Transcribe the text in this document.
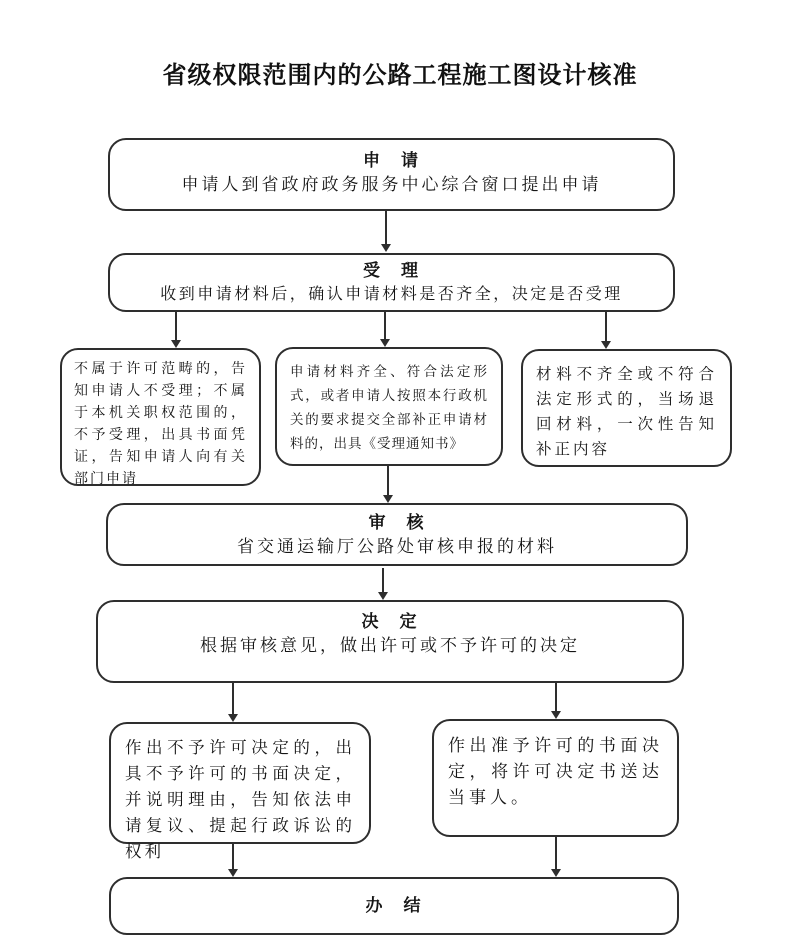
省级权限范围内的公路工程施工图设计核准
申　请
申请人到省政府政务服务中心综合窗口提出申请
受　理
收到申请材料后，确认申请材料是否齐全，决定是否受理
不属于许可范畴的，告知申请人不受理；不属于本机关职权范围的，不予受理，出具书面凭证，告知申请人向有关部门申请
申请材料齐全、符合法定形式，或者申请人按照本行政机关的要求提交全部补正申请材料的，出具《受理通知书》
材料不齐全或不符合法定形式的，当场退回材料，一次性告知补正内容
审　核
省交通运输厅公路处审核申报的材料
决　定
根据审核意见，做出许可或不予许可的决定
作出不予许可决定的，出具不予许可的书面决定，并说明理由，告知依法申请复议、提起行政诉讼的权利
作出准予许可的书面决定，将许可决定书送达当事人。
办　结
